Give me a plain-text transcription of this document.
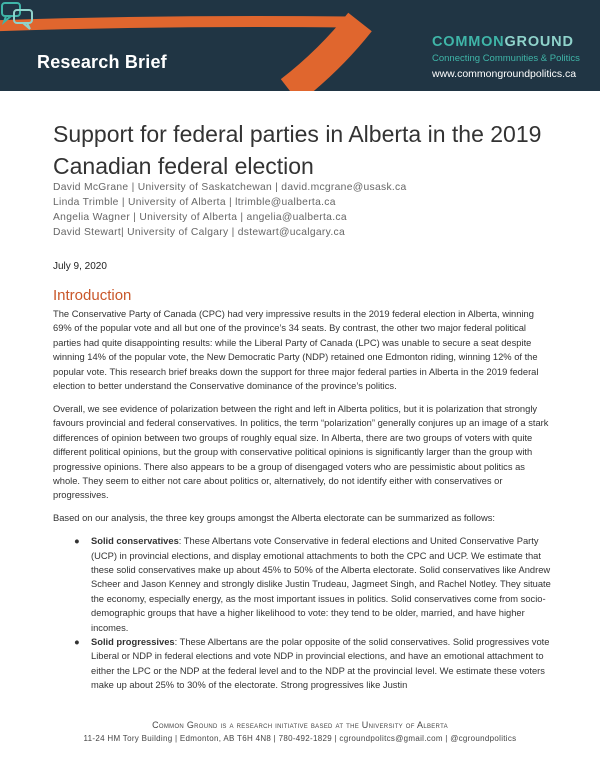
Research Brief
COMMONGROUND
Connecting Communities & Politics
www.commongroundpolitics.ca
Support for federal parties in Alberta in the 2019 Canadian federal election
David McGrane | University of Saskatchewan | david.mcgrane@usask.ca
Linda Trimble | University of Alberta | ltrimble@ualberta.ca
Angelia Wagner | University of Alberta | angelia@ualberta.ca
David Stewart| University of Calgary | dstewart@ucalgary.ca
July 9, 2020
Introduction

The Conservative Party of Canada (CPC) had very impressive results in the 2019 federal election in Alberta, winning 69% of the popular vote and all but one of the province’s 34 seats. By contrast, the other two major federal political parties had quite disappointing results: while the Liberal Party of Canada (LPC) was unable to secure a seat despite winning 14% of the popular vote, the New Democratic Party (NDP) retained one Edmonton riding, winning 12% of the popular vote. This research brief breaks down the support for three major federal parties in Alberta in the 2019 federal election to better understand the Conservative dominance of the province’s politics.

Overall, we see evidence of polarization between the right and left in Alberta politics, but it is polarization that strongly favours provincial and federal conservatives. In politics, the term “polarization” generally conjures up an image of a stark differences of opinion between two groups of roughly equal size. In Alberta, there are two groups of voters with quite different political opinions, but the group with conservative political opinions is significantly larger than the group with progressive opinions. There also appears to be a group of disengaged voters who are pessimistic about politics as whole. They seem to either not care about politics or, alternatively, do not identify either with conservatives or progressives.

Based on our analysis, the three key groups amongst the Alberta electorate can be summarized as follows:

● Solid conservatives: These Albertans vote Conservative in federal elections and United Conservative Party (UCP) in provincial elections, and display emotional attachments to both the CPC and UCP. We estimate that these solid conservatives make up about 45% to 50% of the Alberta electorate. Solid conservatives like Andrew Scheer and Jason Kenney and strongly dislike Justin Trudeau, Jagmeet Singh, and Rachel Notley. They situate the economy, especially energy, as the most important issues in politics. Solid conservatives come from socio-demographic groups that have a higher likelihood to vote: they tend to be older, married, and have higher incomes.
● Solid progressives: These Albertans are the polar opposite of the solid conservatives. Solid progressives vote Liberal or NDP in federal elections and vote NDP in provincial elections, and have an emotional attachment to either the LPC or the NDP at the federal level and to the NDP at the provincial level. We estimate these voters make up about 25% to 30% of the electorate. Strong progressives like Justin
Common Ground is a research initiative based at the University of Alberta
11-24 HM Tory Building | Edmonton, AB T6H 4N8 | 780-492-1829 | cgroundpolitcs@gmail.com | @cgroundpolitics
